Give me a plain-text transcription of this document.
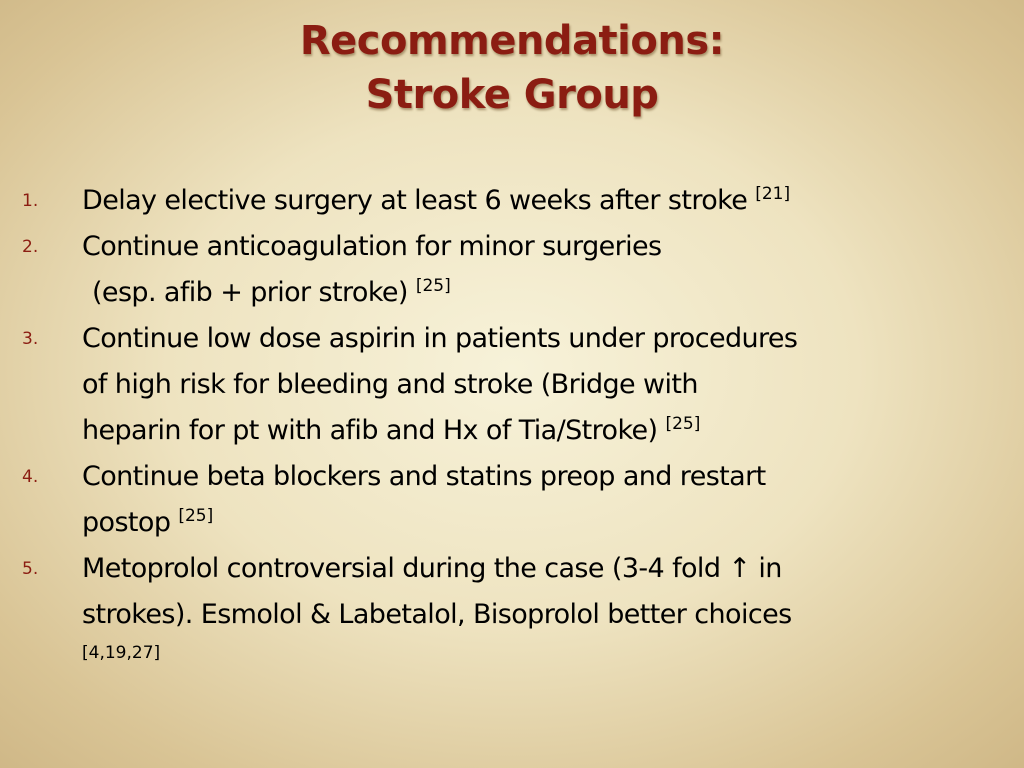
Recommendations:
Stroke Group
1. Delay elective surgery at least 6 weeks after stroke [21]
2. Continue anticoagulation for minor surgeries
(esp. afib + prior stroke) [25]
3. Continue low dose aspirin in patients under procedures
of high risk for bleeding and stroke (Bridge with
heparin for pt with afib and Hx of Tia/Stroke) [25]
4. Continue beta blockers and statins preop and restart
postop [25]
5. Metoprolol controversial during the case (3-4 fold ↑ in
strokes). Esmolol & Labetalol, Bisoprolol better choices
[4,19,27]
